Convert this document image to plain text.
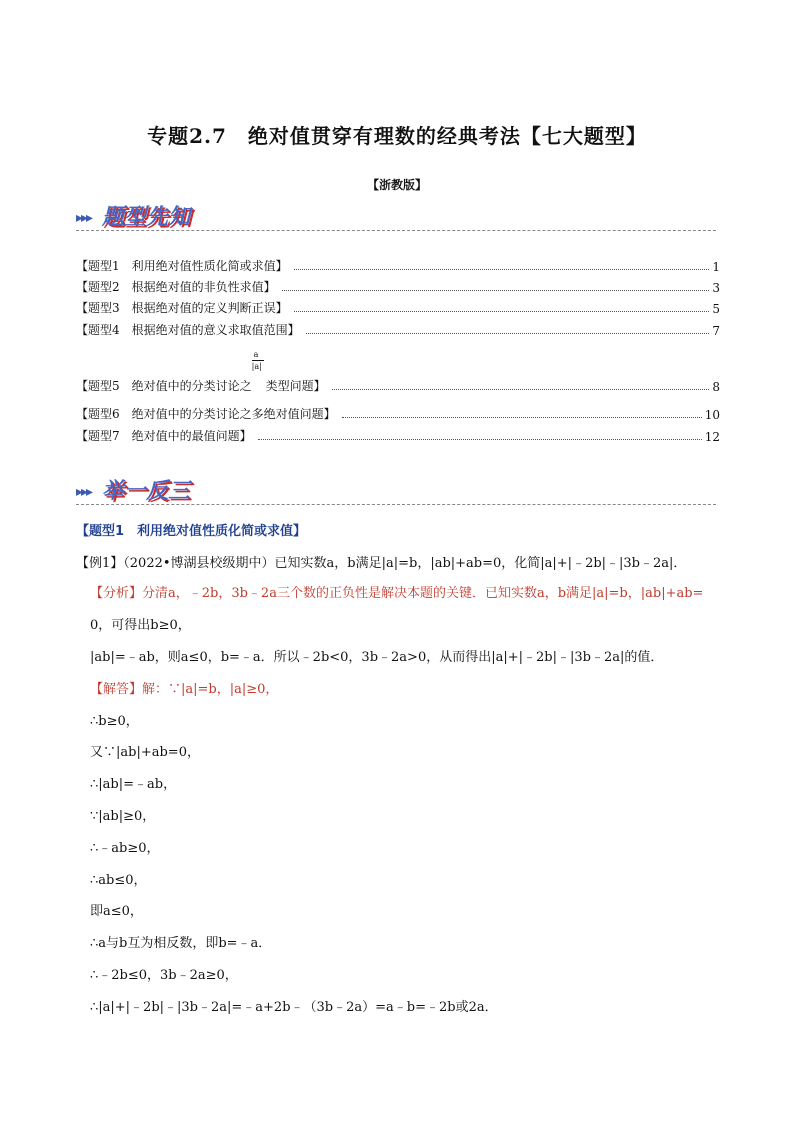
专题2.7　绝对值贯穿有理数的经典考法【七大题型】
【浙教版】
▸▸▸ 题型先知
【题型1　利用绝对值性质化简或求值】	1
【题型2　根据绝对值的非负性求值】	3
【题型3　根据绝对值的定义判断正误】	5
【题型4　根据绝对值的意义求取值范围】	7
【题型5　绝对值中的分类讨论之 $\frac{a}{|a|}$ 类型问题】	8
【题型6　绝对值中的分类讨论之多绝对值问题】	10
【题型7　绝对值中的最值问题】	12
▸▸▸ 举一反三
【题型1　利用绝对值性质化简或求值】
【例1】（2022•博湖县校级期中）已知实数a，b满足|a|=b，|ab|+ab=0，化简|a|+|﹣2b|﹣|3b﹣2a|．
【分析】分清a，﹣2b，3b﹣2a三个数的正负性是解决本题的关键．已知实数a，b满足|a|=b，|ab|+ab=
0，可得出b≥0，
|ab|=﹣ab，则a≤0，b=﹣a．所以﹣2b<0，3b﹣2a>0，从而得出|a|+|﹣2b|﹣|3b﹣2a|的值．
【解答】解：∵|a|=b，|a|≥0，
∴b≥0，
又∵|ab|+ab=0，
∴|ab|=﹣ab，
∵|ab|≥0，
∴﹣ab≥0，
∴ab≤0，
即a≤0，
∴a与b互为相反数，即b=﹣a．
∴﹣2b≤0，3b﹣2a≥0，
∴|a|+|﹣2b|﹣|3b﹣2a|=﹣a+2b﹣（3b﹣2a）=a﹣b=﹣2b或2a．
